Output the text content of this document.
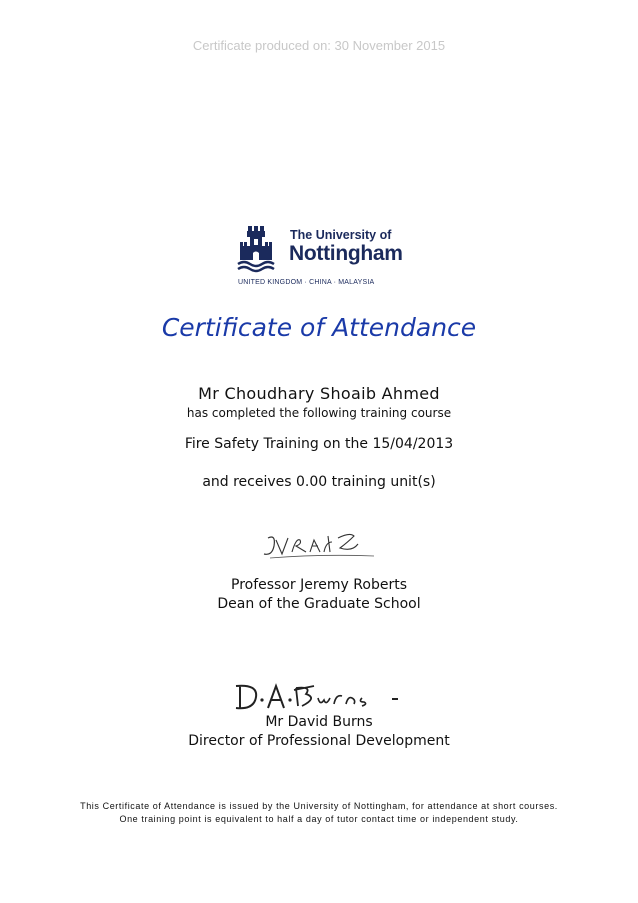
Certificate produced on: 30 November 2015
The University of
Nottingham
UNITED KINGDOM · CHINA · MALAYSIA
Certificate of Attendance
Mr Choudhary Shoaib Ahmed
has completed the following training course
Fire Safety Training on the 15/04/2013
and receives 0.00 training unit(s)
Professor Jeremy Roberts
Dean of the Graduate School
Mr David Burns
Director of Professional Development
This Certificate of Attendance is issued by the University of Nottingham, for attendance at short courses.
One training point is equivalent to half a day of tutor contact time or independent study.
